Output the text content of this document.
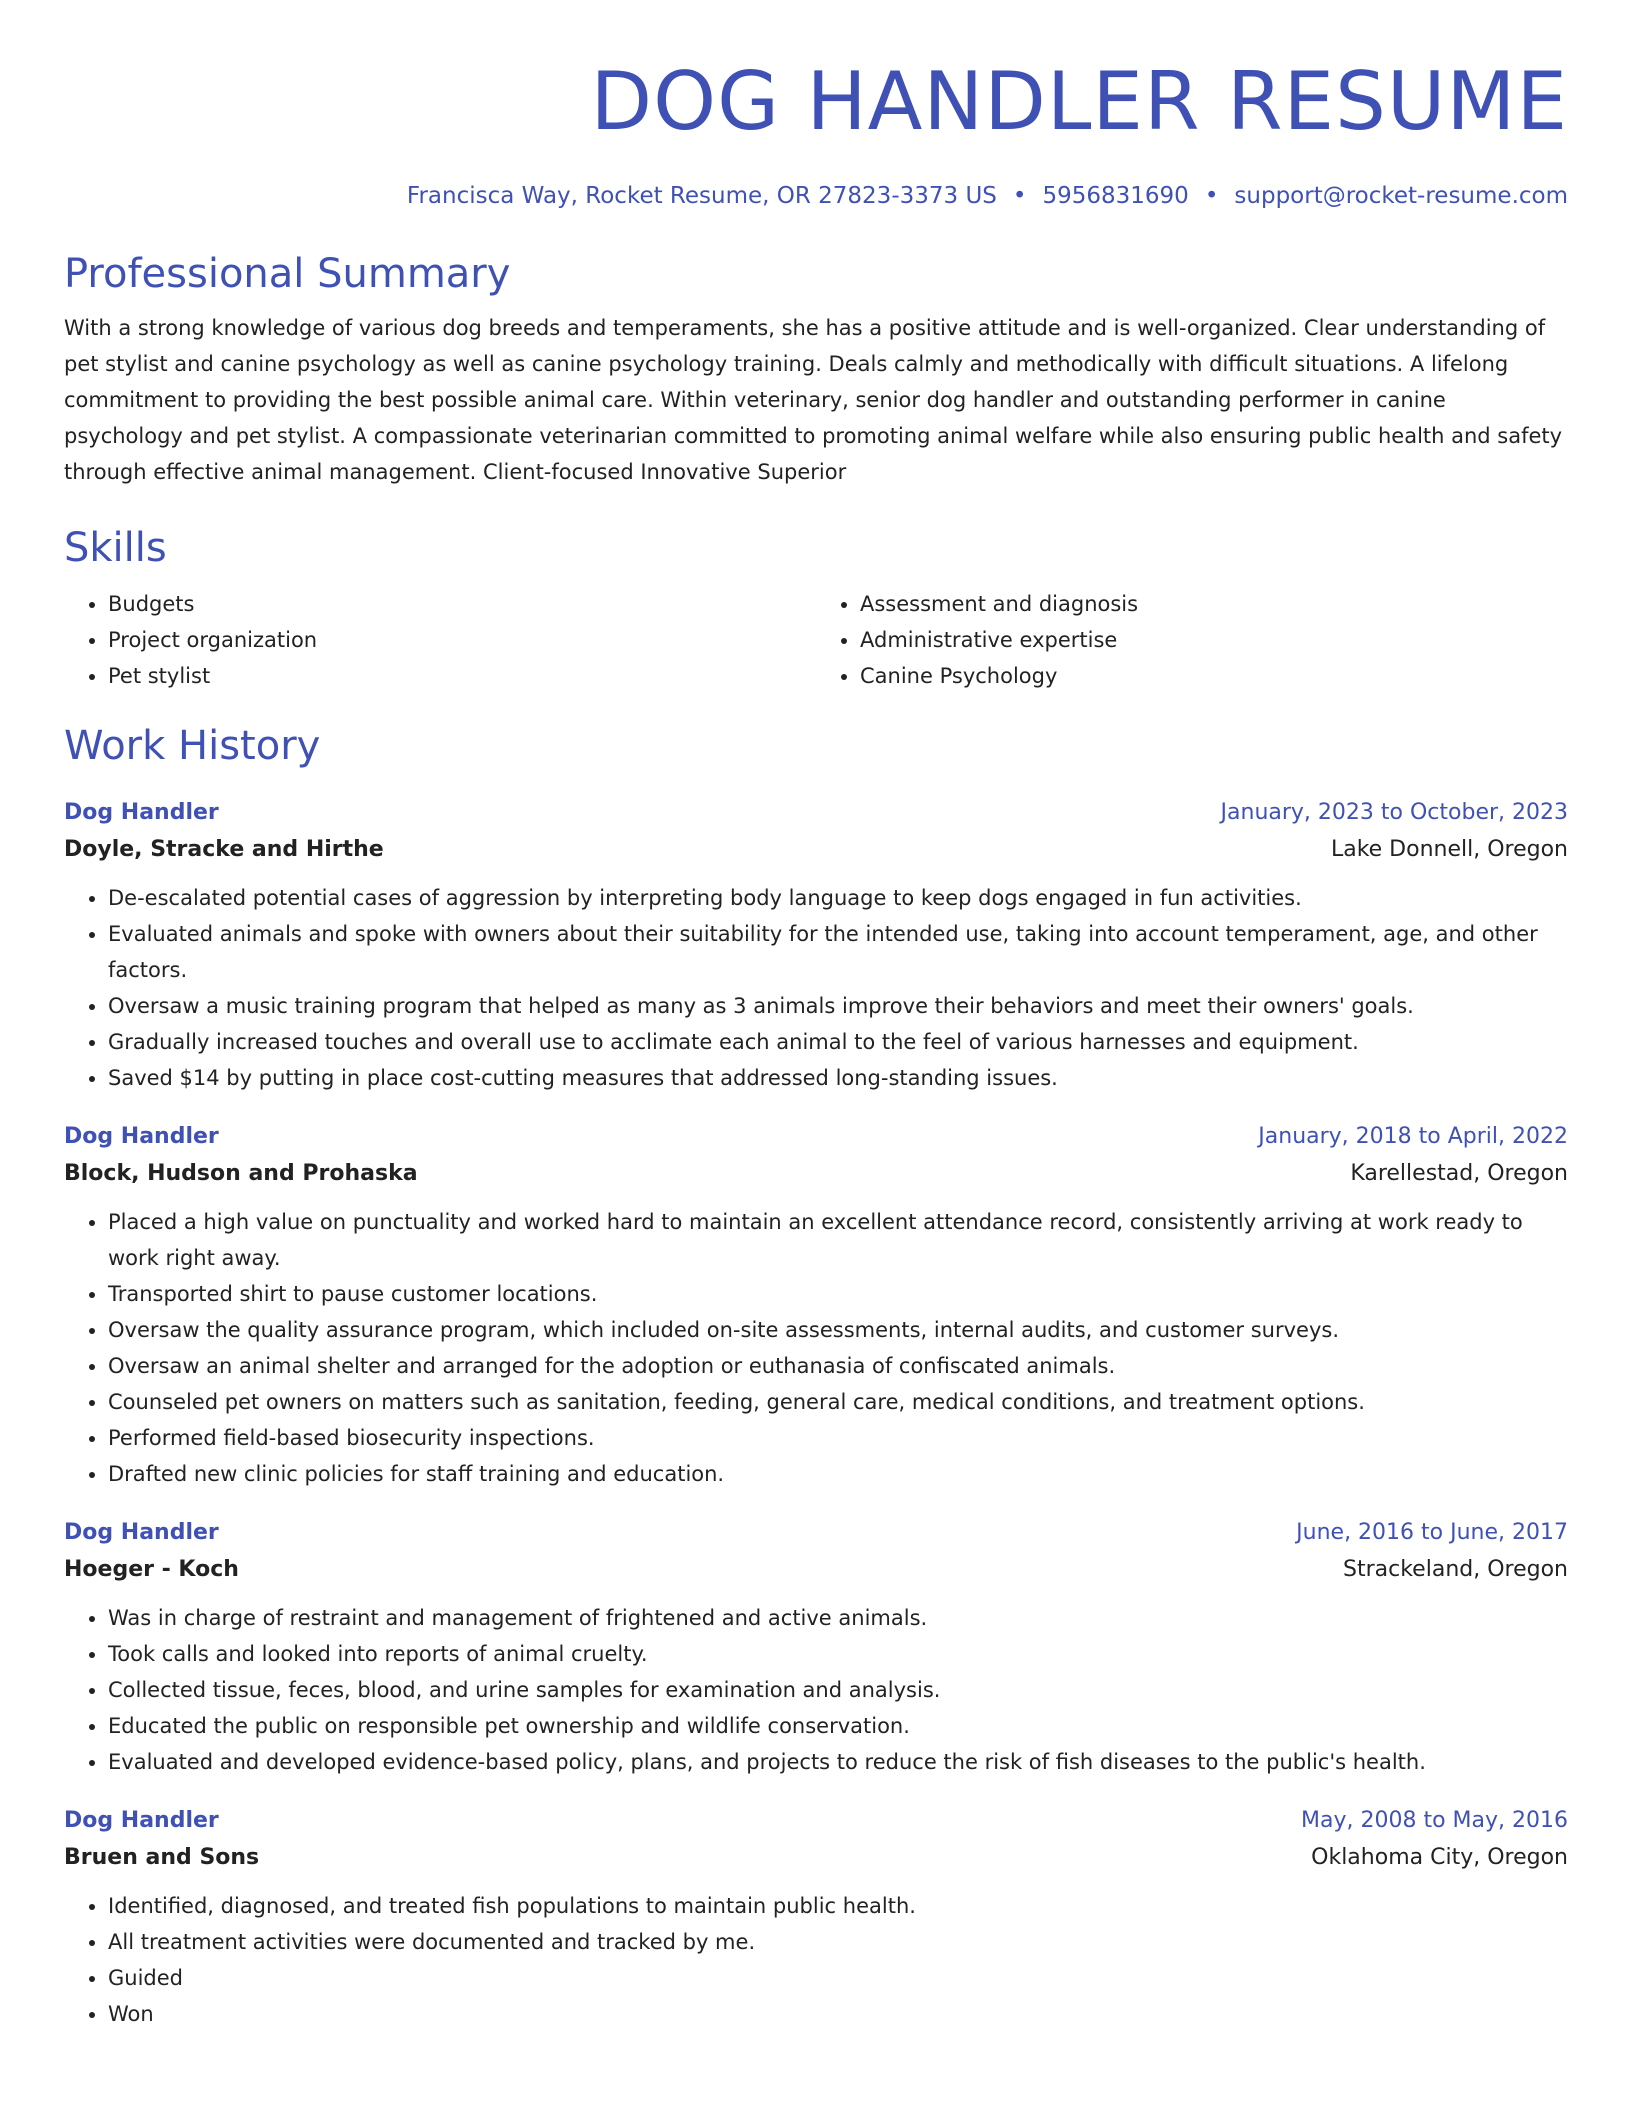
DOG HANDLER RESUME
Francisca Way, Rocket Resume, OR 27823-3373 US • 5956831690 • support@rocket-resume.com
Professional Summary
With a strong knowledge of various dog breeds and temperaments, she has a positive attitude and is well-organized. Clear understanding of pet stylist and canine psychology as well as canine psychology training. Deals calmly and methodically with difficult situations. A lifelong commitment to providing the best possible animal care. Within veterinary, senior dog handler and outstanding performer in canine psychology and pet stylist. A compassionate veterinarian committed to promoting animal welfare while also ensuring public health and safety through effective animal management. Client-focused Innovative Superior
Skills
• Budgets
• Project organization
• Pet stylist
• Assessment and diagnosis
• Administrative expertise
• Canine Psychology
Work History
Dog Handler	January, 2023 to October, 2023
Doyle, Stracke and Hirthe	Lake Donnell, Oregon
• De-escalated potential cases of aggression by interpreting body language to keep dogs engaged in fun activities.
• Evaluated animals and spoke with owners about their suitability for the intended use, taking into account temperament, age, and other factors.
• Oversaw a music training program that helped as many as 3 animals improve their behaviors and meet their owners' goals.
• Gradually increased touches and overall use to acclimate each animal to the feel of various harnesses and equipment.
• Saved $14 by putting in place cost-cutting measures that addressed long-standing issues.
Dog Handler	January, 2018 to April, 2022
Block, Hudson and Prohaska	Karellestad, Oregon
• Placed a high value on punctuality and worked hard to maintain an excellent attendance record, consistently arriving at work ready to work right away.
• Transported shirt to pause customer locations.
• Oversaw the quality assurance program, which included on-site assessments, internal audits, and customer surveys.
• Oversaw an animal shelter and arranged for the adoption or euthanasia of confiscated animals.
• Counseled pet owners on matters such as sanitation, feeding, general care, medical conditions, and treatment options.
• Performed field-based biosecurity inspections.
• Drafted new clinic policies for staff training and education.
Dog Handler	June, 2016 to June, 2017
Hoeger - Koch	Strackeland, Oregon
• Was in charge of restraint and management of frightened and active animals.
• Took calls and looked into reports of animal cruelty.
• Collected tissue, feces, blood, and urine samples for examination and analysis.
• Educated the public on responsible pet ownership and wildlife conservation.
• Evaluated and developed evidence-based policy, plans, and projects to reduce the risk of fish diseases to the public's health.
Dog Handler	May, 2008 to May, 2016
Bruen and Sons	Oklahoma City, Oregon
• Identified, diagnosed, and treated fish populations to maintain public health.
• All treatment activities were documented and tracked by me.
• Guided
• Won
